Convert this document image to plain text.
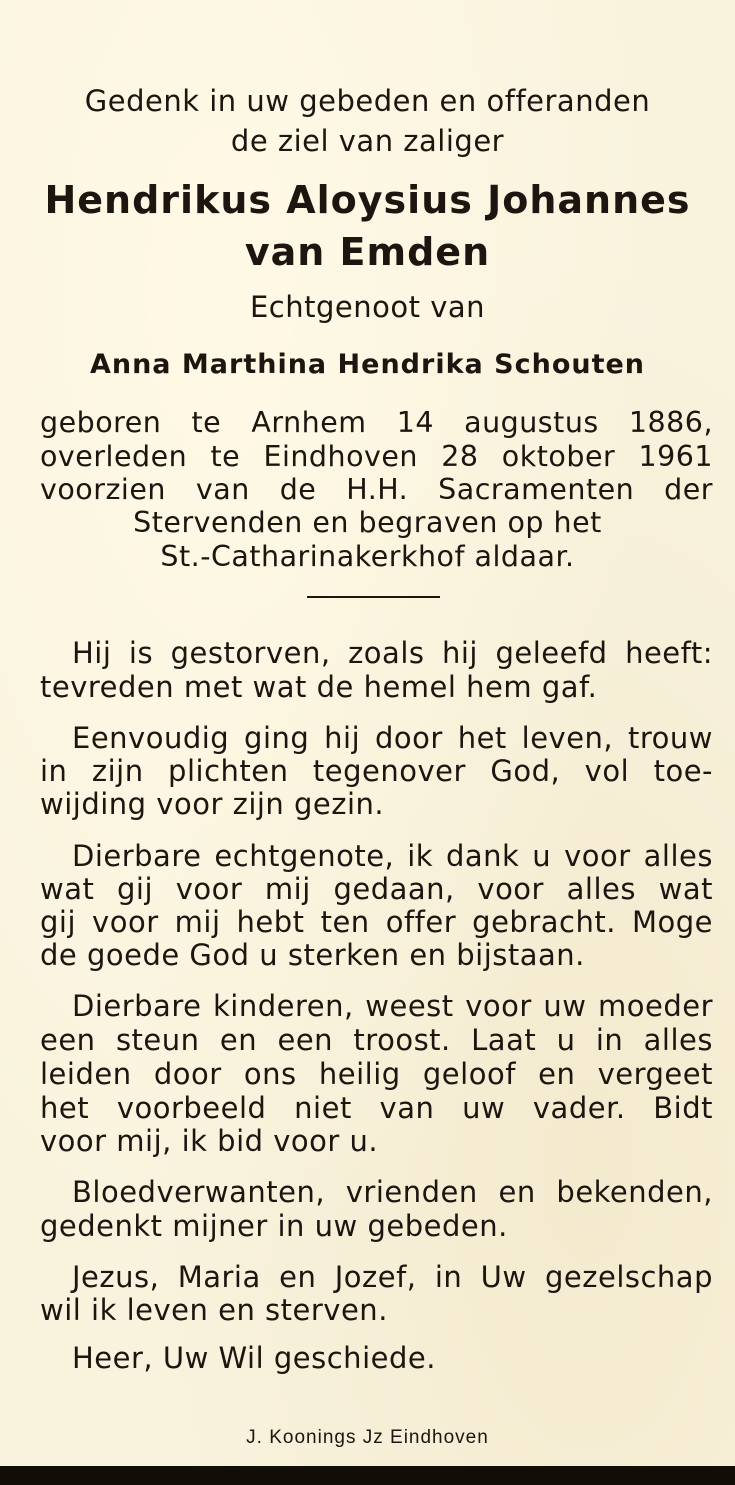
Gedenk in uw gebeden en offeranden
de ziel van zaliger
Hendrikus Aloysius Johannes
van Emden
Echtgenoot van
Anna Marthina Hendrika Schouten
geboren te Arnhem 14 augustus 1886,
overleden te Eindhoven 28 oktober 1961
voorzien van de H.H. Sacramenten der
Stervenden en begraven op het
St.-Catharinakerkhof aldaar.
Hij is gestorven, zoals hij geleefd heeft:
tevreden met wat de hemel hem gaf.
Eenvoudig ging hij door het leven, trouw
in zijn plichten tegenover God, vol toe-
wijding voor zijn gezin.
Dierbare echtgenote, ik dank u voor alles
wat gij voor mij gedaan, voor alles wat
gij voor mij hebt ten offer gebracht. Moge
de goede God u sterken en bijstaan.
Dierbare kinderen, weest voor uw moeder
een steun en een troost. Laat u in alles
leiden door ons heilig geloof en vergeet
het voorbeeld niet van uw vader. Bidt
voor mij, ik bid voor u.
Bloedverwanten, vrienden en bekenden,
gedenkt mijner in uw gebeden.
Jezus, Maria en Jozef, in Uw gezelschap
wil ik leven en sterven.
Heer, Uw Wil geschiede.
J. Koonings Jz Eindhoven
